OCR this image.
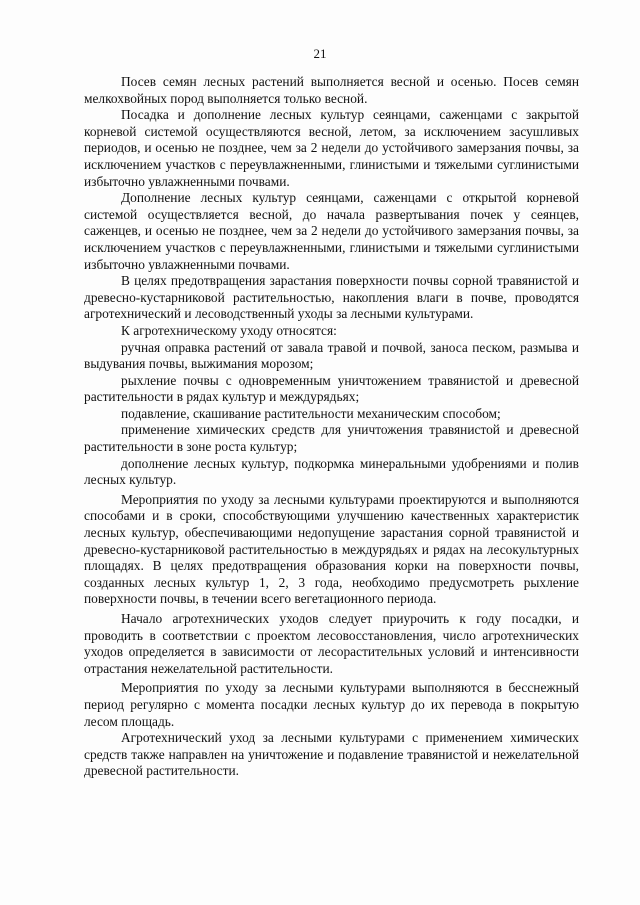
21

Посев семян лесных растений выполняется весной и осенью. Посев семян мелкохвойных пород выполняется только весной.

Посадка и дополнение лесных культур сеянцами, саженцами с закрытой корневой системой осуществляются весной, летом, за исключением засушливых периодов, и осенью не позднее, чем за 2 недели до устойчивого замерзания почвы, за исключением участков с переувлажненными, глинистыми и тяжелыми суглинистыми избыточно увлажненными почвами.

Дополнение лесных культур сеянцами, саженцами с открытой корневой системой осуществляется весной, до начала развертывания почек у сеянцев, саженцев, и осенью не позднее, чем за 2 недели до устойчивого замерзания почвы, за исключением участков с переувлажненными, глинистыми и тяжелыми суглинистыми избыточно увлажненными почвами.

В целях предотвращения зарастания поверхности почвы сорной травянистой и древесно-кустарниковой растительностью, накопления влаги в почве, проводятся агротехнический и лесоводственный уходы за лесными культурами.

К агротехническому уходу относятся:

ручная оправка растений от завала травой и почвой, заноса песком, размыва и выдувания почвы, выжимания морозом;

рыхление почвы с одновременным уничтожением травянистой и древесной растительности в рядах культур и междурядьях;

подавление, скашивание растительности механическим способом;

применение химических средств для уничтожения травянистой и древесной растительности в зоне роста культур;

дополнение лесных культур, подкормка минеральными удобрениями и полив лесных культур.

Мероприятия по уходу за лесными культурами проектируются и выполняются способами и в сроки, способствующими улучшению качественных характеристик лесных культур, обеспечивающими недопущение зарастания сорной травянистой и древесно-кустарниковой растительностью в междурядьях и рядах на лесокультурных площадях. В целях предотвращения образования корки на поверхности почвы, созданных лесных культур 1, 2, 3 года, необходимо предусмотреть рыхление поверхности почвы, в течении всего вегетационного периода.

Начало агротехнических уходов следует приурочить к году посадки, и проводить в соответствии с проектом лесовосстановления, число агротехнических уходов определяется в зависимости от лесорастительных условий и интенсивности отрастания нежелательной растительности.

Мероприятия по уходу за лесными культурами выполняются в бесснежный период регулярно с момента посадки лесных культур до их перевода в покрытую лесом площадь.

Агротехнический уход за лесными культурами с применением химических средств также направлен на уничтожение и подавление травянистой и нежелательной древесной растительности.
